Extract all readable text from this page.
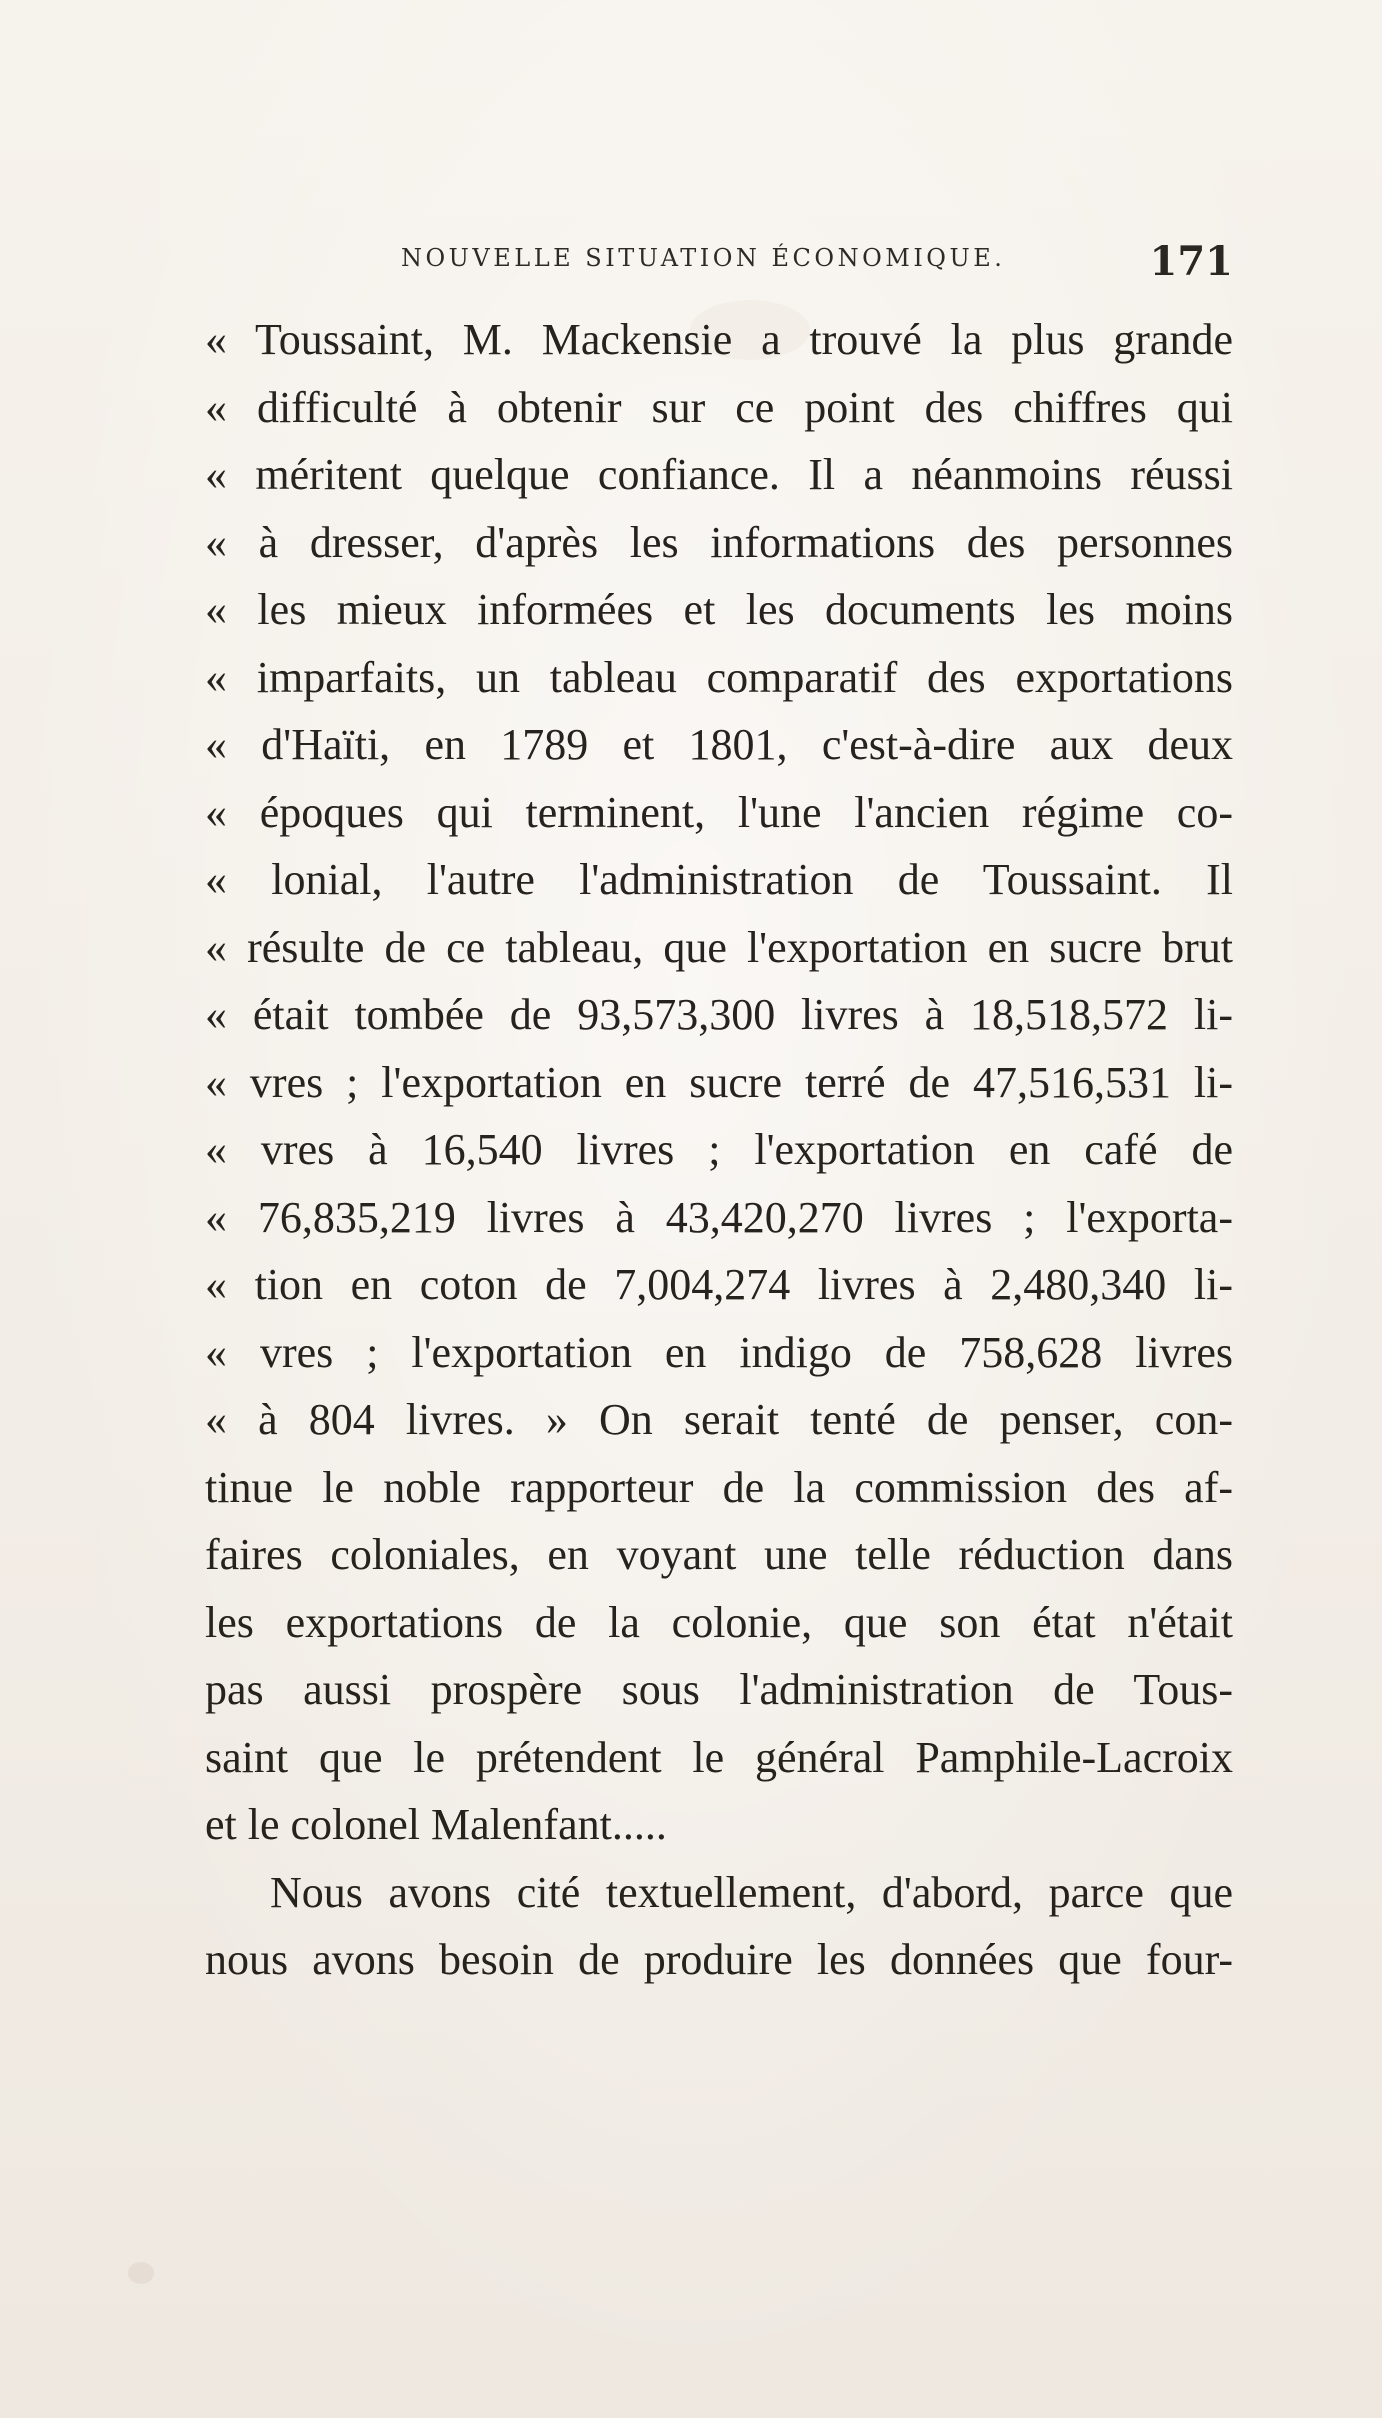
NOUVELLE SITUATION ÉCONOMIQUE.	171
« Toussaint, M. Mackensie a trouvé la plus grande
« difficulté à obtenir sur ce point des chiffres qui
« méritent quelque confiance. Il a néanmoins réussi
« à dresser, d'après les informations des personnes
« les mieux informées et les documents les moins
« imparfaits, un tableau comparatif des exportations
« d'Haïti, en 1789 et 1801, c'est-à-dire aux deux
« époques qui terminent, l'une l'ancien régime co-
« lonial, l'autre l'administration de Toussaint. Il
« résulte de ce tableau, que l'exportation en sucre brut
« était tombée de 93,573,300 livres à 18,518,572 li-
« vres ; l'exportation en sucre terré de 47,516,531 li-
« vres à 16,540 livres ; l'exportation en café de
« 76,835,219 livres à 43,420,270 livres ; l'exporta-
« tion en coton de 7,004,274 livres à 2,480,340 li-
« vres ; l'exportation en indigo de 758,628 livres
« à 804 livres. » On serait tenté de penser, con-
tinue le noble rapporteur de la commission des af-
faires coloniales, en voyant une telle réduction dans
les exportations de la colonie, que son état n'était
pas aussi prospère sous l'administration de Tous-
saint que le prétendent le général Pamphile-Lacroix
et le colonel Malenfant.....
Nous avons cité textuellement, d'abord, parce que
nous avons besoin de produire les données que four-
